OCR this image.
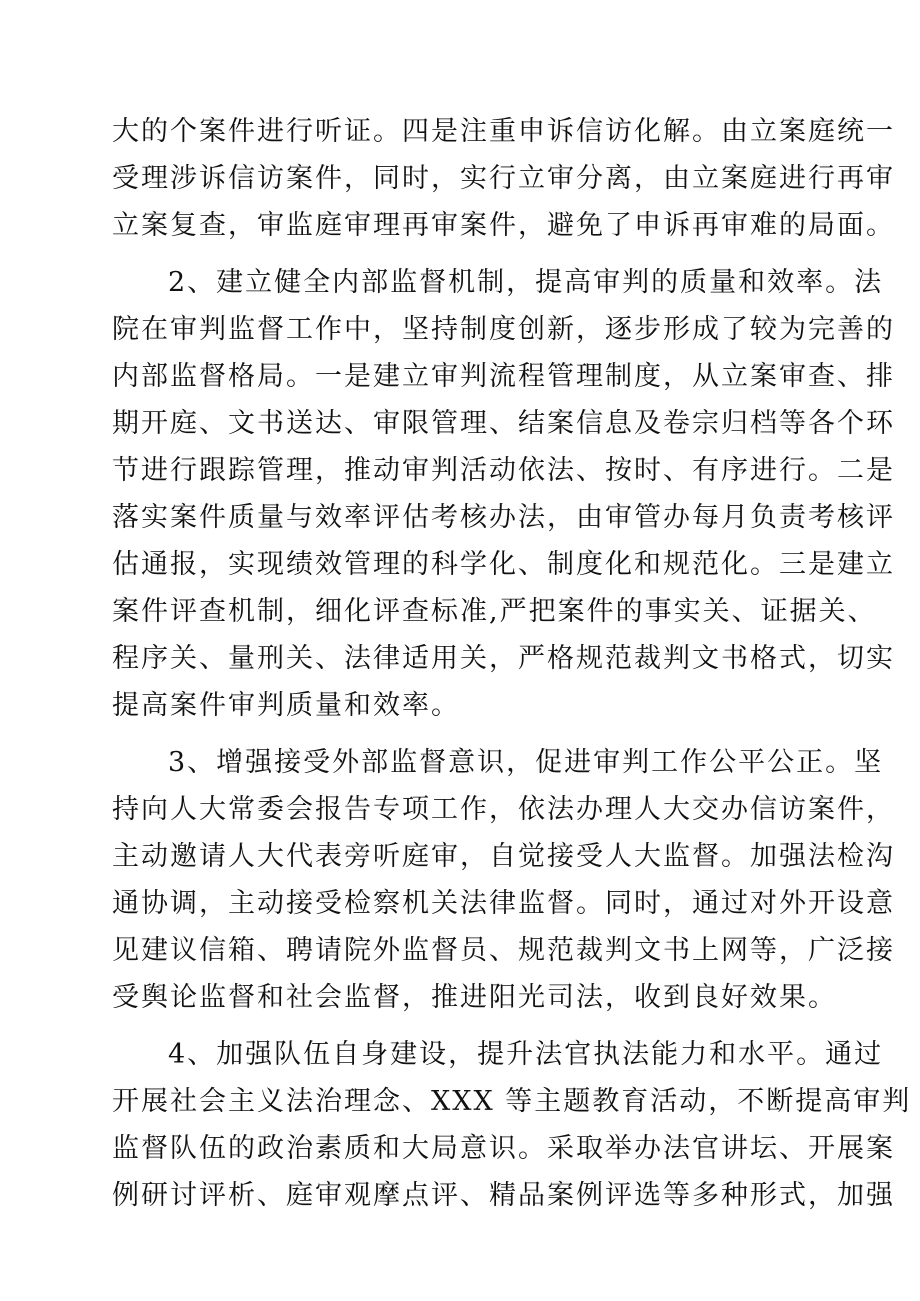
大的个案件进行听证。四是注重申诉信访化解。由立案庭统一
受理涉诉信访案件，同时，实行立审分离，由立案庭进行再审
立案复查，审监庭审理再审案件，避免了申诉再审难的局面。
2、建立健全内部监督机制，提高审判的质量和效率。法
院在审判监督工作中，坚持制度创新，逐步形成了较为完善的
内部监督格局。一是建立审判流程管理制度，从立案审查、排
期开庭、文书送达、审限管理、结案信息及卷宗归档等各个环
节进行跟踪管理，推动审判活动依法、按时、有序进行。二是
落实案件质量与效率评估考核办法，由审管办每月负责考核评
估通报，实现绩效管理的科学化、制度化和规范化。三是建立
案件评查机制，细化评查标准,严把案件的事实关、证据关、
程序关、量刑关、法律适用关，严格规范裁判文书格式，切实
提高案件审判质量和效率。
3、增强接受外部监督意识，促进审判工作公平公正。坚
持向人大常委会报告专项工作，依法办理人大交办信访案件，
主动邀请人大代表旁听庭审，自觉接受人大监督。加强法检沟
通协调，主动接受检察机关法律监督。同时，通过对外开设意
见建议信箱、聘请院外监督员、规范裁判文书上网等，广泛接
受舆论监督和社会监督，推进阳光司法，收到良好效果。
4、加强队伍自身建设，提升法官执法能力和水平。通过
开展社会主义法治理念、XXX 等主题教育活动，不断提高审判
监督队伍的政治素质和大局意识。采取举办法官讲坛、开展案
例研讨评析、庭审观摩点评、精品案例评选等多种形式，加强
